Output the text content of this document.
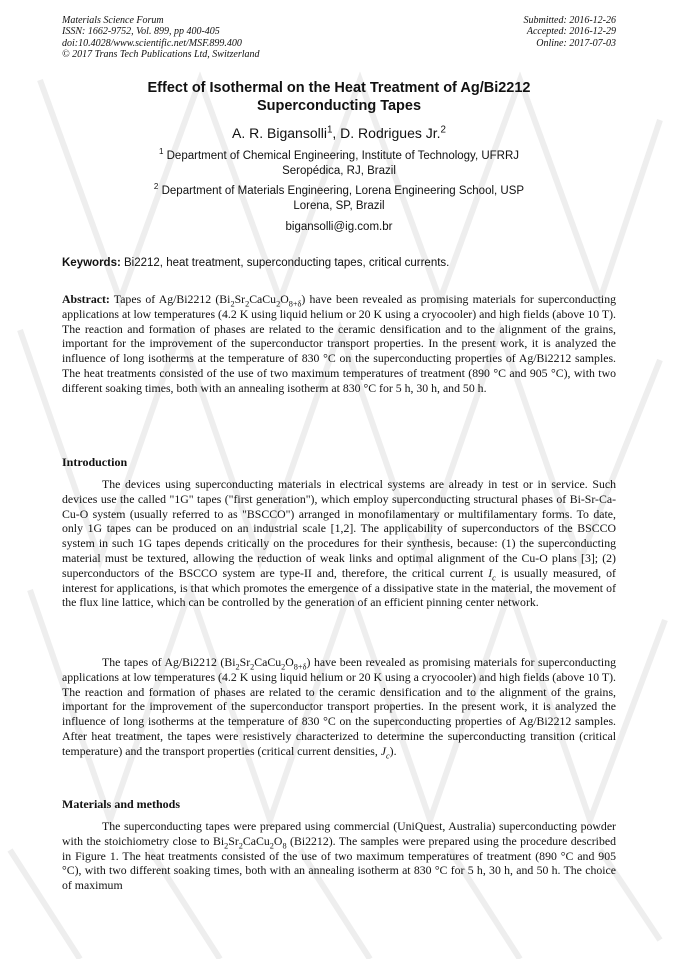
Materials Science Forum
ISSN: 1662-9752, Vol. 899, pp 400-405
doi:10.4028/www.scientific.net/MSF.899.400
© 2017 Trans Tech Publications Ltd, Switzerland
Submitted: 2016-12-26
Accepted: 2016-12-29
Online: 2017-07-03
Effect of Isothermal on the Heat Treatment of Ag/Bi2212
Superconducting Tapes
A. R. Bigansolli$^1$, D. Rodrigues Jr.$^2$
$^1$ Department of Chemical Engineering, Institute of Technology, UFRRJ
Seropédica, RJ, Brazil
$^2$ Department of Materials Engineering, Lorena Engineering School, USP
Lorena, SP, Brazil
bigansolli@ig.com.br
Keywords: Bi2212, heat treatment, superconducting tapes, critical currents.
Abstract: Tapes of Ag/Bi2212 $(Bi_2Sr_2CaCu_2O_{8+\delta})$ have been revealed as promising materials for superconducting applications at low temperatures (4.2 K using liquid helium or 20 K using a cryocooler) and high fields (above 10 T). The reaction and formation of phases are related to the ceramic densification and to the alignment of the grains, important for the improvement of the superconductor transport properties. In the present work, it is analyzed the influence of long isotherms at the temperature of 830 °C on the superconducting properties of Ag/Bi2212 samples. The heat treatments consisted of the use of two maximum temperatures of treatment (890 °C and 905 °C), with two different soaking times, both with an annealing isotherm at 830 °C for 5 h, 30 h, and 50 h.
Introduction
The devices using superconducting materials in electrical systems are already in test or in service. Such devices use the called "1G" tapes ("first generation"), which employ superconducting structural phases of Bi-Sr-Ca-Cu-O system (usually referred to as "BSCCO") arranged in monofilamentary or multifilamentary forms. To date, only 1G tapes can be produced on an industrial scale [1,2]. The applicability of superconductors of the BSCCO system in such 1G tapes depends critically on the procedures for their synthesis, because: (1) the superconducting material must be textured, allowing the reduction of weak links and optimal alignment of the Cu-O plans [3]; (2) superconductors of the BSCCO system are type-II and, therefore, the critical current $I_c$ is usually measured, of interest for applications, is that which promotes the emergence of a dissipative state in the material, the movement of the flux line lattice, which can be controlled by the generation of an efficient pinning center network.
The tapes of Ag/Bi2212 $(Bi_2Sr_2CaCu_2O_{8+\delta})$ have been revealed as promising materials for superconducting applications at low temperatures (4.2 K using liquid helium or 20 K using a cryocooler) and high fields (above 10 T). The reaction and formation of phases are related to the ceramic densification and to the alignment of the grains, important for the improvement of the superconductor transport properties. In the present work, it is analyzed the influence of long isotherms at the temperature of 830 °C on the superconducting properties of Ag/Bi2212 samples. After heat treatment, the tapes were resistively characterized to determine the superconducting transition (critical temperature) and the transport properties (critical current densities, $J_c$).
Materials and methods
The superconducting tapes were prepared using commercial (UniQuest, Australia) superconducting powder with the stoichiometry close to $Bi_2Sr_2CaCu_2O_8$ (Bi2212). The samples were prepared using the procedure described in Figure 1. The heat treatments consisted of the use of two maximum temperatures of treatment (890 °C and 905 °C), with two different soaking times, both with an annealing isotherm at 830 °C for 5 h, 30 h, and 50 h. The choice of maximum
